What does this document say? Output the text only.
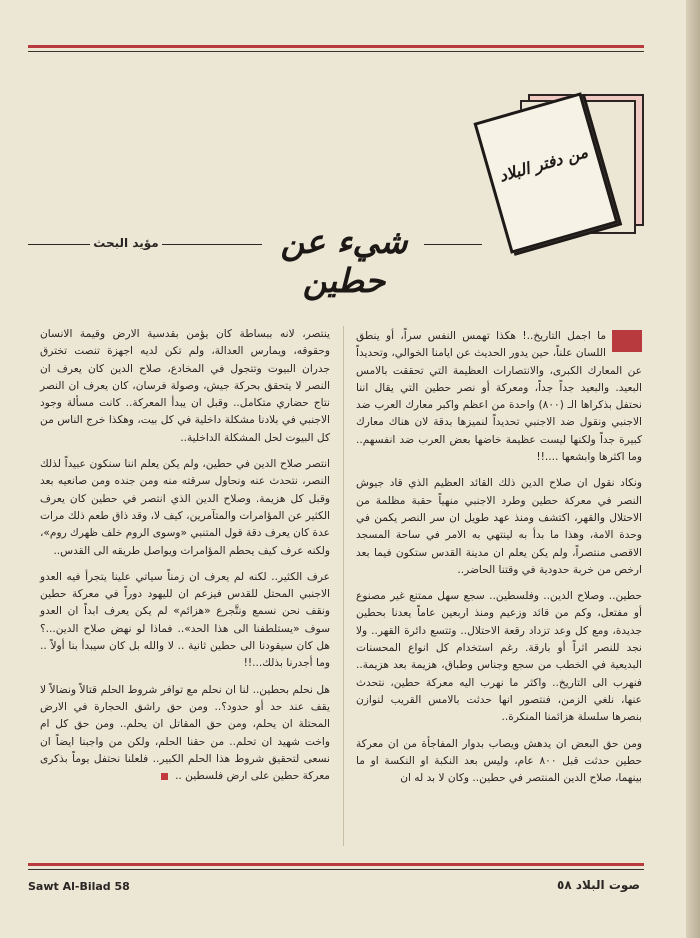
من دفتر البلاد
مؤيد البحث	شيء عن حطين

ما اجمل التاريخ..! هكذا تهمس النفس سراً، أو ينطق اللسان علناً، حين يدور الحديث عن ايامنا الخوالي، وتحديداً عن المعارك الكبرى، والانتصارات العظيمة التي تحققت بالامس البعيد. والبعيد جداً جداً، ومعركة أو نصر حطين التي يقال اننا نحتفل بذكراها الـ (٨٠٠) واحدة من اعظم واكبر معارك العرب ضد الاجنبي ونقول ضد الاجنبي تحديداً لنميزها بدقة لان هناك معارك كبيرة جداً ولكنها ليست عظيمة خاضها بعض العرب ضد انفسهم.. وما اكثرها وابشعها ....!!

ونكاد نقول ان صلاح الدين ذلك القائد العظيم الذي قاد جيوش النصر في معركة حطين وطرد الاجنبي منهياً حقبة مظلمة من الاحتلال والقهر، اكتشف ومنذ عهد طويل ان سر النصر يكمن في وحدة الامة، وهذا ما بدأ به لينتهي به الامر في ساحة المسجد الاقصى منتصراً، ولم يكن يعلم ان مدينة القدس ستكون فيما بعد ارخص من خربة حدودية في وقتنا الحاضر..

حطين.. وصلاح الدين.. وفلسطين.. سجع سهل ممتنع غير مصنوع أو مفتعل، وكم من قائد وزعيم ومنذ اربعين عاماً يعدنا بحطين جديدة، ومع كل وعد تزداد رقعة الاحتلال.. وتتسع دائرة القهر.. ولا نجد للنصر اثراً أو بارقة. رغم استخدام كل انواع المحسنات البديعية في الخطب من سجع وجناس وطباق، هزيمة بعد هزيمة.. فنهرب الى التاريخ.. واكثر ما نهرب اليه معركة حطين، نتحدث عنها، نلغي الزمن، فنتصور انها حدثت بالامس القريب لنوازن بنصرها سلسلة هزائمنا المنكرة..

ومن حق البعض ان يدهش ويصاب بدوار المفاجأة من ان معركة حطين حدثت قبل ٨٠٠ عام، وليس بعد النكبة او النكسة او ما بينهما، صلاح الدين المنتصر في حطين.. وكان لا بد له ان

ينتصر، لانه ببساطة كان يؤمن بقدسية الارض وقيمة الانسان وحقوقه، ويمارس العدالة، ولم تكن لديه اجهزة تنصت تخترق جدران البيوت وتتجول في المخادع، صلاح الدين كان يعرف ان النصر لا يتحقق بحركة جيش، وصولة فرسان، كان يعرف ان النصر نتاج حضاري متكامل.. وقبل ان يبدأ المعركة.. كانت مسألة وجود الاجنبي في بلادنا مشكلة داخلية في كل بيت، وهكذا خرج الناس من كل البيوت لحل المشكلة الداخلية..

انتصر صلاح الدين في حطين، ولم يكن يعلم اننا سنكون عبيداً لذلك النصر، نتحدث عنه ونحاول سرقته منه ومن جنده ومن صانعيه بعد وقبل كل هزيمة. وصلاح الدين الذي انتصر في حطين كان يعرف الكثير عن المؤامرات والمتآمرين، كيف لا، وقد ذاق طعم ذلك مرات عدة كان يعرف دقة قول المتنبي «وسوى الروم خلف ظهرك روم»، ولكنه عرف كيف يحطم المؤامرات ويواصل طريقه الى القدس..

عرف الكثير.. لكنه لم يعرف ان زمناً سياتي علينا يتجرأ فيه العدو الاجنبي المحتل للقدس فيزعم ان لليهود دوراً في معركة حطين ونقف نحن نسمع ونتَّجرع «هزائم» لم يكن يعرف ابداً ان العدو سوف «يستلطفنا الى هذا الحد».. فماذا لو نهض صلاح الدين...؟ هل كان سيقودنا الى حطين ثانية .. لا والله بل كان سيبدأ بنا أولاً .. وما أجدرنا بذلك...!!

هل نحلم بحطين.. لنا ان نحلم مع توافر شروط الحلم قتالاً ونضالاً لا يقف عند حد أو حدود؟.. ومن حق راشق الحجارة في الارض المحتلة ان يحلم، ومن حق المقاتل ان يحلم.. ومن حق كل ام واخت شهيد ان تحلم.. من حقنا الحلم، ولكن من واجبنا ايضاً ان نسعى لتحقيق شروط هذا الحلم الكبير.. فلعلنا نحتفل يوماً بذكرى معركة حطين على ارض فلسطين ..

Sawt Al-Bilad 58	صوت البلاد ٥٨
